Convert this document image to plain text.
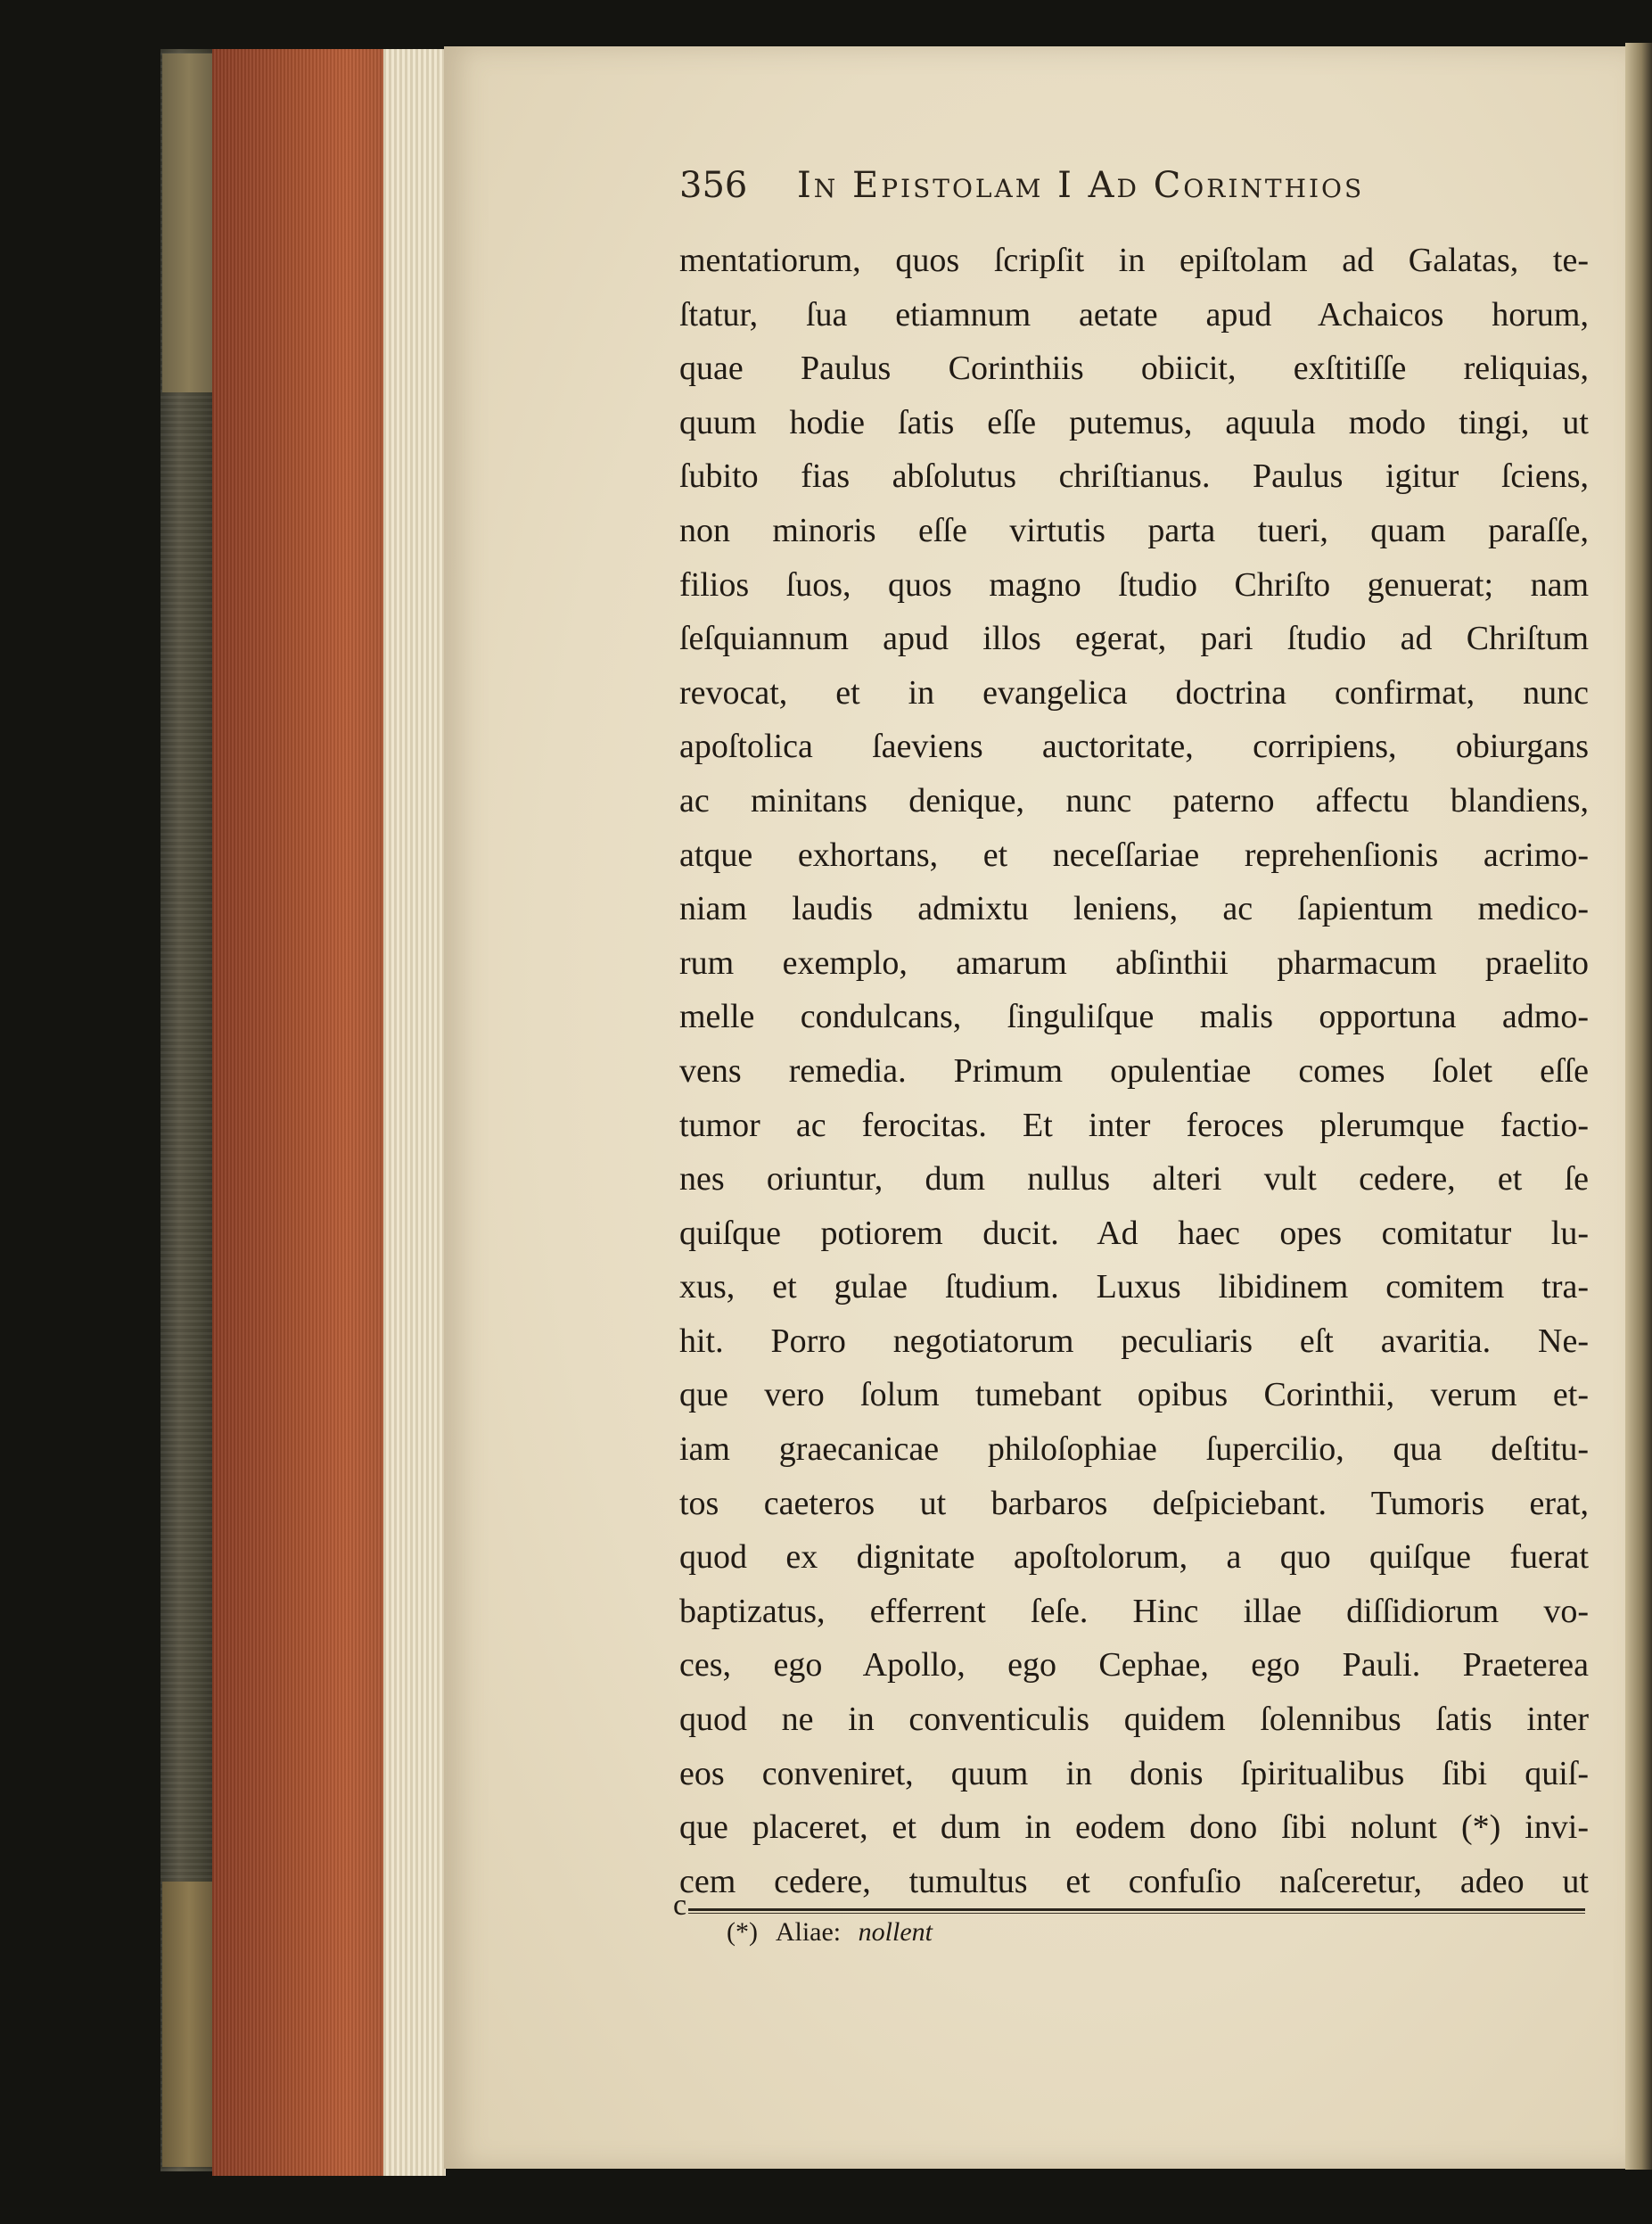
356 In Epistolam I Ad Corinthios
mentatiorum, quos ſcripſit in epiſtolam ad Galatas, te-
ſtatur, ſua etiamnum aetate apud Achaicos horum,
quae Paulus Corinthiis obiicit, exſtitiſſe reliquias,
quum hodie ſatis eſſe putemus, aquula modo tingi, ut
ſubito fias abſolutus chriſtianus. Paulus igitur ſciens,
non minoris eſſe virtutis parta tueri, quam paraſſe,
filios ſuos, quos magno ſtudio Chriſto genuerat; nam
ſeſquiannum apud illos egerat, pari ſtudio ad Chriſtum
revocat, et in evangelica doctrina confirmat, nunc
apoſtolica ſaeviens auctoritate, corripiens, obiurgans
ac minitans denique, nunc paterno affectu blandiens,
atque exhortans, et neceſſariae reprehenſionis acrimo-
niam laudis admixtu leniens, ac ſapientum medico-
rum exemplo, amarum abſinthii pharmacum praelito
melle condulcans, ſinguliſque malis opportuna admo-
vens remedia. Primum opulentiae comes ſolet eſſe
tumor ac ferocitas. Et inter feroces plerumque factio-
nes oriuntur, dum nullus alteri vult cedere, et ſe
quiſque potiorem ducit. Ad haec opes comitatur lu-
xus, et gulae ſtudium. Luxus libidinem comitem tra-
hit. Porro negotiatorum peculiaris eſt avaritia. Ne-
que vero ſolum tumebant opibus Corinthii, verum et-
iam graecanicae philoſophiae ſupercilio, qua deſtitu-
tos caeteros ut barbaros deſpiciebant. Tumoris erat,
quod ex dignitate apoſtolorum, a quo quiſque fuerat
baptizatus, efferrent ſeſe. Hinc illae diſſidiorum vo-
ces, ego Apollo, ego Cephae, ego Pauli. Praeterea
quod ne in conventiculis quidem ſolennibus ſatis inter
eos conveniret, quum in donis ſpiritualibus ſibi quiſ-
que placeret, et dum in eodem dono ſibi nolunt (*) invi-
cem cedere, tumultus et confuſio naſceretur, adeo ut
c
(*) Aliae: nollent
